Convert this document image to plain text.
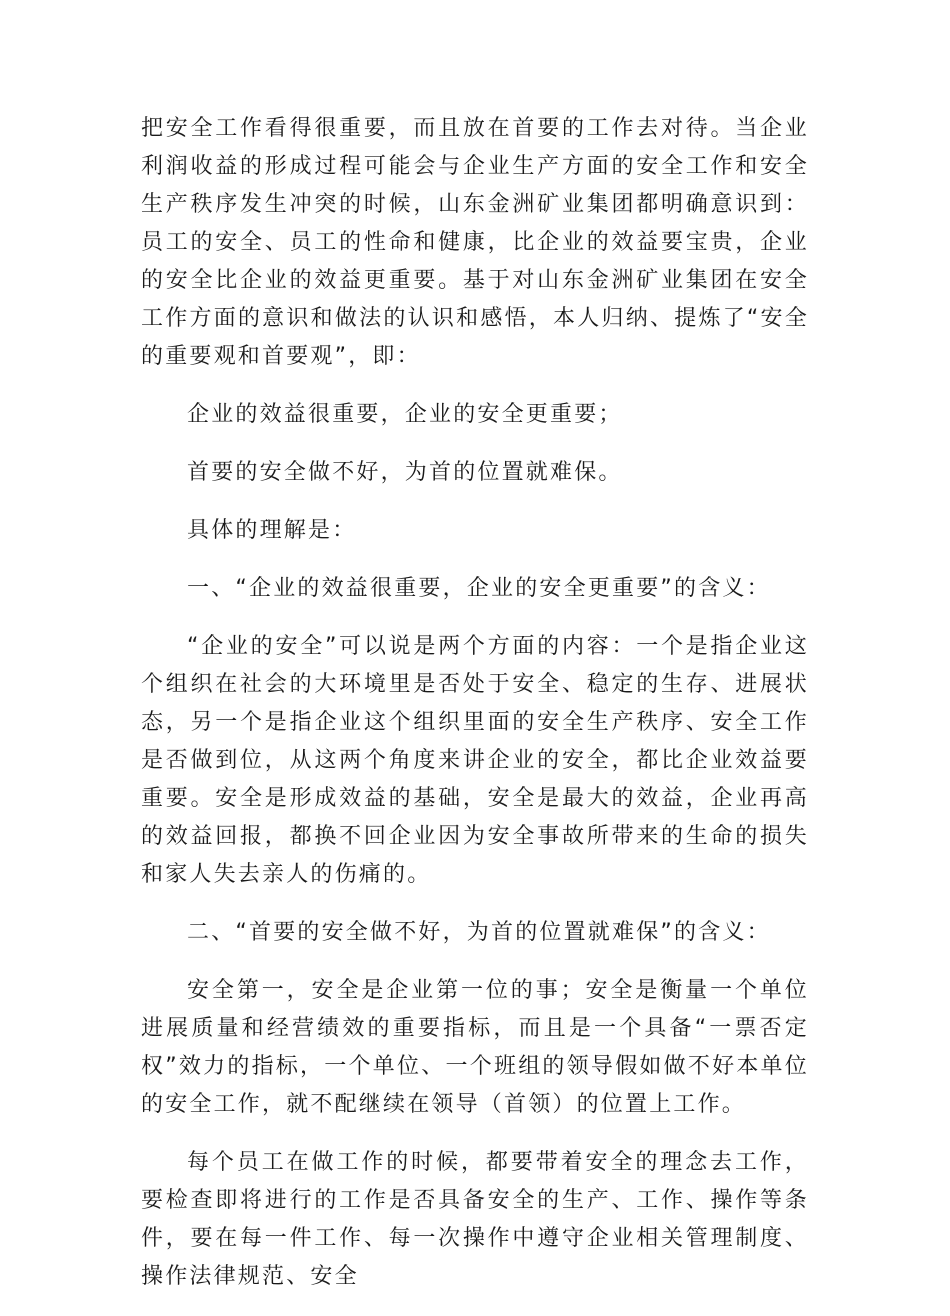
把安全工作看得很重要，而且放在首要的工作去对待。当企业利润收益的形成过程可能会与企业生产方面的安全工作和安全生产秩序发生冲突的时候，山东金洲矿业集团都明确意识到：员工的安全、员工的性命和健康，比企业的效益要宝贵，企业的安全比企业的效益更重要。基于对山东金洲矿业集团在安全工作方面的意识和做法的认识和感悟，本人归纳、提炼了“安全的重要观和首要观”，即：

企业的效益很重要，企业的安全更重要；

首要的安全做不好，为首的位置就难保。

具体的理解是：

一、“企业的效益很重要，企业的安全更重要”的含义：

“企业的安全”可以说是两个方面的内容：一个是指企业这个组织在社会的大环境里是否处于安全、稳定的生存、进展状态，另一个是指企业这个组织里面的安全生产秩序、安全工作是否做到位，从这两个角度来讲企业的安全，都比企业效益要重要。安全是形成效益的基础，安全是最大的效益，企业再高的效益回报，都换不回企业因为安全事故所带来的生命的损失和家人失去亲人的伤痛的。

二、“首要的安全做不好，为首的位置就难保”的含义：

安全第一，安全是企业第一位的事；安全是衡量一个单位进展质量和经营绩效的重要指标，而且是一个具备“一票否定权”效力的指标，一个单位、一个班组的领导假如做不好本单位的安全工作，就不配继续在领导（首领）的位置上工作。

每个员工在做工作的时候，都要带着安全的理念去工作，要检查即将进行的工作是否具备安全的生产、工作、操作等条件，要在每一件工作、每一次操作中遵守企业相关管理制度、操作法律规范、安全
